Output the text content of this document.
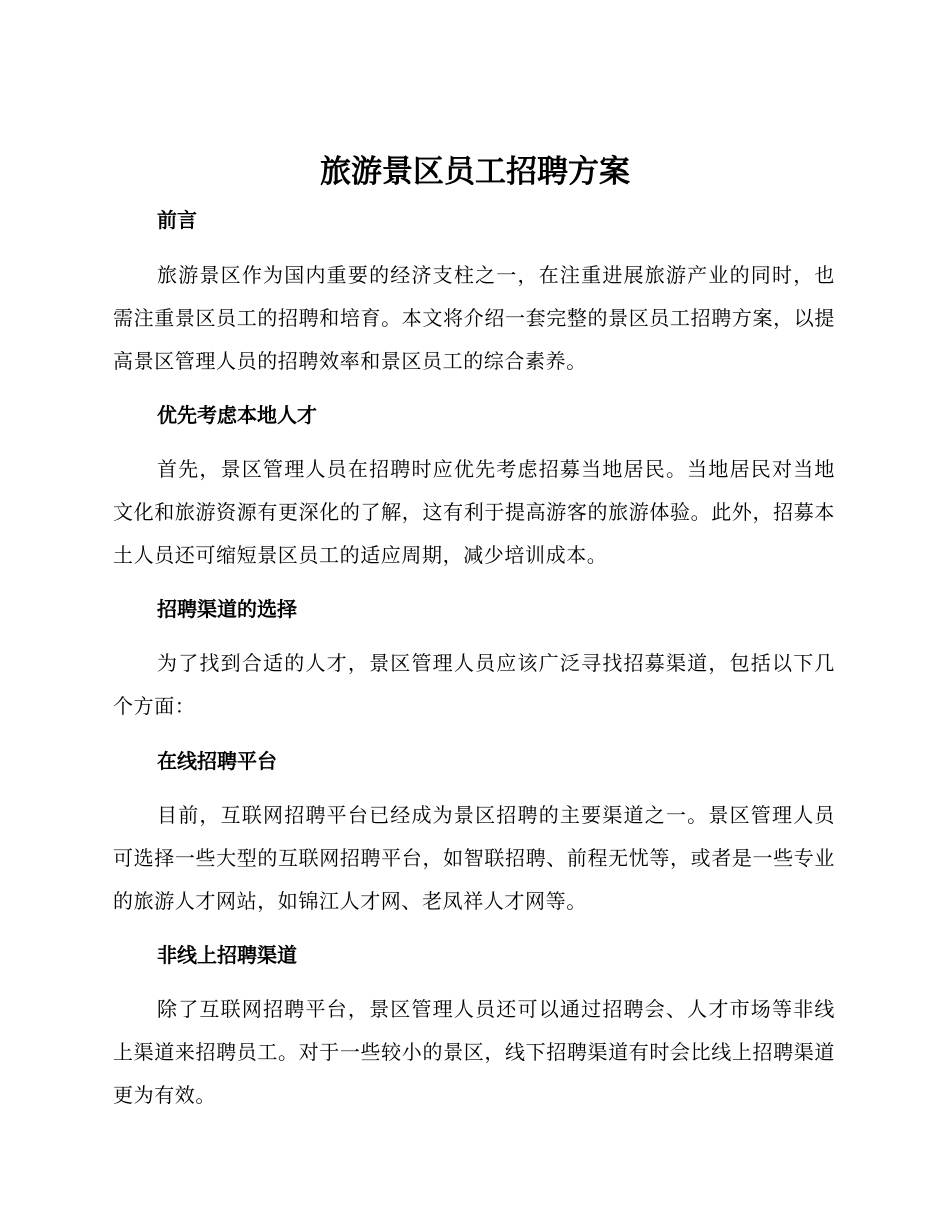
旅游景区员工招聘方案
前言

旅游景区作为国内重要的经济支柱之一，在注重进展旅游产业的同时，也需注重景区员工的招聘和培育。本文将介绍一套完整的景区员工招聘方案，以提高景区管理人员的招聘效率和景区员工的综合素养。

优先考虑本地人才

首先，景区管理人员在招聘时应优先考虑招募当地居民。当地居民对当地文化和旅游资源有更深化的了解，这有利于提高游客的旅游体验。此外，招募本土人员还可缩短景区员工的适应周期，减少培训成本。

招聘渠道的选择

为了找到合适的人才，景区管理人员应该广泛寻找招募渠道，包括以下几个方面：

在线招聘平台

目前，互联网招聘平台已经成为景区招聘的主要渠道之一。景区管理人员可选择一些大型的互联网招聘平台，如智联招聘、前程无忧等，或者是一些专业的旅游人才网站，如锦江人才网、老凤祥人才网等。

非线上招聘渠道

除了互联网招聘平台，景区管理人员还可以通过招聘会、人才市场等非线上渠道来招聘员工。对于一些较小的景区，线下招聘渠道有时会比线上招聘渠道更为有效。
